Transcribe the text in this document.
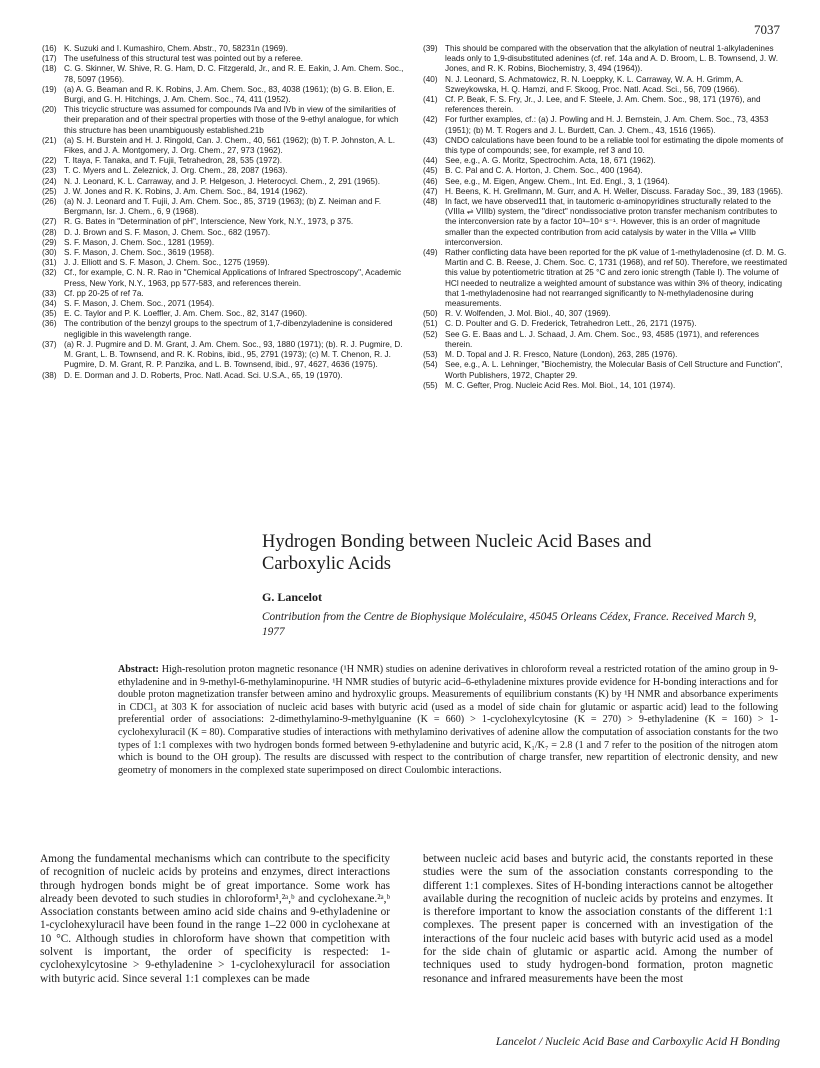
7037
(16) K. Suzuki and I. Kumashiro, Chem. Abstr., 70, 58231n (1969).
(17) The usefulness of this structural test was pointed out by a referee.
(18) C. G. Skinner, W. Shive, R. G. Ham, D. C. Fitzgerald, Jr., and R. E. Eakin, J. Am. Chem. Soc., 78, 5097 (1956).
(19) (a) A. G. Beaman and R. K. Robins, J. Am. Chem. Soc., 83, 4038 (1961); (b) G. B. Elion, E. Burgi, and G. H. Hitchings, J. Am. Chem. Soc., 74, 411 (1952).
(20) This tricyclic structure was assumed for compounds IVa and IVb in view of the similarities of their preparation and of their spectral properties with those of the 9-ethyl analogue, for which this structure has been unambiguously established.21b
(21) (a) S. H. Burstein and H. J. Ringold, Can. J. Chem., 40, 561 (1962); (b) T. P. Johnston, A. L. Fikes, and J. A. Montgomery, J. Org. Chem., 27, 973 (1962).
(22) T. Itaya, F. Tanaka, and T. Fujii, Tetrahedron, 28, 535 (1972).
(23) T. C. Myers and L. Zeleznick, J. Org. Chem., 28, 2087 (1963).
(24) N. J. Leonard, K. L. Carraway, and J. P. Helgeson, J. Heterocycl. Chem., 2, 291 (1965).
(25) J. W. Jones and R. K. Robins, J. Am. Chem. Soc., 84, 1914 (1962).
(26) (a) N. J. Leonard and T. Fujii, J. Am. Chem. Soc., 85, 3719 (1963); (b) Z. Neiman and F. Bergmann, Isr. J. Chem., 6, 9 (1968).
(27) R. G. Bates in "Determination of pH", Interscience, New York, N.Y., 1973, p 375.
(28) D. J. Brown and S. F. Mason, J. Chem. Soc., 682 (1957).
(29) S. F. Mason, J. Chem. Soc., 1281 (1959).
(30) S. F. Mason, J. Chem. Soc., 3619 (1958).
(31) J. J. Elliott and S. F. Mason, J. Chem. Soc., 1275 (1959).
(32) Cf., for example, C. N. R. Rao in "Chemical Applications of Infrared Spectroscopy", Academic Press, New York, N.Y., 1963, pp 577-583, and references therein.
(33) Cf. pp 20-25 of ref 7a.
(34) S. F. Mason, J. Chem. Soc., 2071 (1954).
(35) E. C. Taylor and P. K. Loeffler, J. Am. Chem. Soc., 82, 3147 (1960).
(36) The contribution of the benzyl groups to the spectrum of 1,7-dibenzyladenine is considered negligible in this wavelength range.
(37) (a) R. J. Pugmire and D. M. Grant, J. Am. Chem. Soc., 93, 1880 (1971); (b). R. J. Pugmire, D. M. Grant, L. B. Townsend, and R. K. Robins, ibid., 95, 2791 (1973); (c) M. T. Chenon, R. J. Pugmire, D. M. Grant, R. P. Panzika, and L. B. Townsend, ibid., 97, 4627, 4636 (1975).
(38) D. E. Dorman and J. D. Roberts, Proc. Natl. Acad. Sci. U.S.A., 65, 19 (1970).
(39) This should be compared with the observation that the alkylation of neutral 1-alkyladenines leads only to 1,9-disubstituted adenines (cf. ref. 14a and A. D. Broom, L. B. Townsend, J. W. Jones, and R. K. Robins, Biochemistry, 3, 494 (1964)).
(40) N. J. Leonard, S. Achmatowicz, R. N. Loeppky, K. L. Carraway, W. A. H. Grimm, A. Szweykowska, H. Q. Hamzi, and F. Skoog, Proc. Natl. Acad. Sci., 56, 709 (1966).
(41) Cf. P. Beak, F. S. Fry, Jr., J. Lee, and F. Steele, J. Am. Chem. Soc., 98, 171 (1976), and references therein.
(42) For further examples, cf.: (a) J. Powling and H. J. Bernstein, J. Am. Chem. Soc., 73, 4353 (1951); (b) M. T. Rogers and J. L. Burdett, Can. J. Chem., 43, 1516 (1965).
(43) CNDO calculations have been found to be a reliable tool for estimating the dipole moments of this type of compounds; see, for example, ref 3 and 10.
(44) See, e.g., A. G. Moritz, Spectrochim. Acta, 18, 671 (1962).
(45) B. C. Pal and C. A. Horton, J. Chem. Soc., 400 (1964).
(46) See, e.g., M. Eigen, Angew. Chem., Int. Ed. Engl., 3, 1 (1964).
(47) H. Beens, K. H. Grellmann, M. Gurr, and A. H. Weller, Discuss. Faraday Soc., 39, 183 (1965).
(48) In fact, we have observed11 that, in tautomeric α-aminopyridines structurally related to the (VIIIa ⇌ VIIIb) system, the "direct" nondissociative proton transfer mechanism contributes to the interconversion rate by a factor 10³–10⁴ s⁻¹. However, this is an order of magnitude smaller than the expected contribution from acid catalysis by water in the VIIIa ⇌ VIIIb interconversion.
(49) Rather conflicting data have been reported for the pK value of 1-methyladenosine (cf. D. M. G. Martin and C. B. Reese, J. Chem. Soc. C, 1731 (1968), and ref 50). Therefore, we reestimated this value by potentiometric titration at 25 °C and zero ionic strength (Table I). The volume of HCl needed to neutralize a weighted amount of substance was within 3% of theory, indicating that 1-methyladenosine had not rearranged significantly to N-methyladenosine during measurements.
(50) R. V. Wolfenden, J. Mol. Biol., 40, 307 (1969).
(51) C. D. Poulter and G. D. Frederick, Tetrahedron Lett., 26, 2171 (1975).
(52) See G. E. Baas and L. J. Schaad, J. Am. Chem. Soc., 93, 4585 (1971), and references therein.
(53) M. D. Topal and J. R. Fresco, Nature (London), 263, 285 (1976).
(54) See, e.g., A. L. Lehninger, "Biochemistry, the Molecular Basis of Cell Structure and Function", Worth Publishers, 1972, Chapter 29.
(55) M. C. Gefter, Prog. Nucleic Acid Res. Mol. Biol., 14, 101 (1974).
Hydrogen Bonding between Nucleic Acid Bases and Carboxylic Acids
G. Lancelot
Contribution from the Centre de Biophysique Moléculaire, 45045 Orleans Cédex, France. Received March 9, 1977

Abstract: High-resolution proton magnetic resonance (¹H NMR) studies on adenine derivatives in chloroform reveal a restricted rotation of the amino group in 9-ethyladenine and in 9-methyl-6-methylaminopurine. ¹H NMR studies of butyric acid–6-ethyladenine mixtures provide evidence for H-bonding interactions and for double proton magnetization transfer between amino and hydroxylic groups. Measurements of equilibrium constants (K) by ¹H NMR and absorbance experiments in CDCl₃ at 303 K for association of nucleic acid bases with butyric acid (used as a model of side chain for glutamic or aspartic acid) lead to the following preferential order of associations: 2-dimethylamino-9-methylguanine (K = 660) > 1-cyclohexylcytosine (K = 270) > 9-ethyladenine (K = 160) > 1-cyclohexyluracil (K = 80). Comparative studies of interactions with methylamino derivatives of adenine allow the computation of association constants for the two types of 1:1 complexes with two hydrogen bonds formed between 9-ethyladenine and butyric acid, K₁/K₇ = 2.8 (1 and 7 refer to the position of the nitrogen atom which is bound to the OH group). The results are discussed with respect to the contribution of charge transfer, new repartition of electronic density, and new geometry of monomers in the complexed state superimposed on direct Coulombic interactions.

Among the fundamental mechanisms which can contribute to the specificity of recognition of nucleic acids by proteins and enzymes, direct interactions through hydrogen bonds might be of great importance. Some work has already been devoted to such studies in chloroform¹,²ᵃ,ᵇ and cyclohexane.²ᵃ,ᵇ Association constants between amino acid side chains and 9-ethyladenine or 1-cyclohexyluracil have been found in the range 1–22 000 in cyclohexane at 10 °C. Although studies in chloroform have shown that competition with solvent is important, the order of specificity is respected: 1-cyclohexylcytosine > 9-ethyladenine > 1-cyclohexyluracil for association with butyric acid. Since several 1:1 complexes can be made

between nucleic acid bases and butyric acid, the constants reported in these studies were the sum of the association constants corresponding to the different 1:1 complexes. Sites of H-bonding interactions cannot be altogether available during the recognition of nucleic acids by proteins and enzymes. It is therefore important to know the association constants of the different 1:1 complexes. The present paper is concerned with an investigation of the interactions of the four nucleic acid bases with butyric acid used as a model for the side chain of glutamic or aspartic acid. Among the number of techniques used to study hydrogen-bond formation, proton magnetic resonance and infrared measurements have been the most

Lancelot / Nucleic Acid Base and Carboxylic Acid H Bonding
